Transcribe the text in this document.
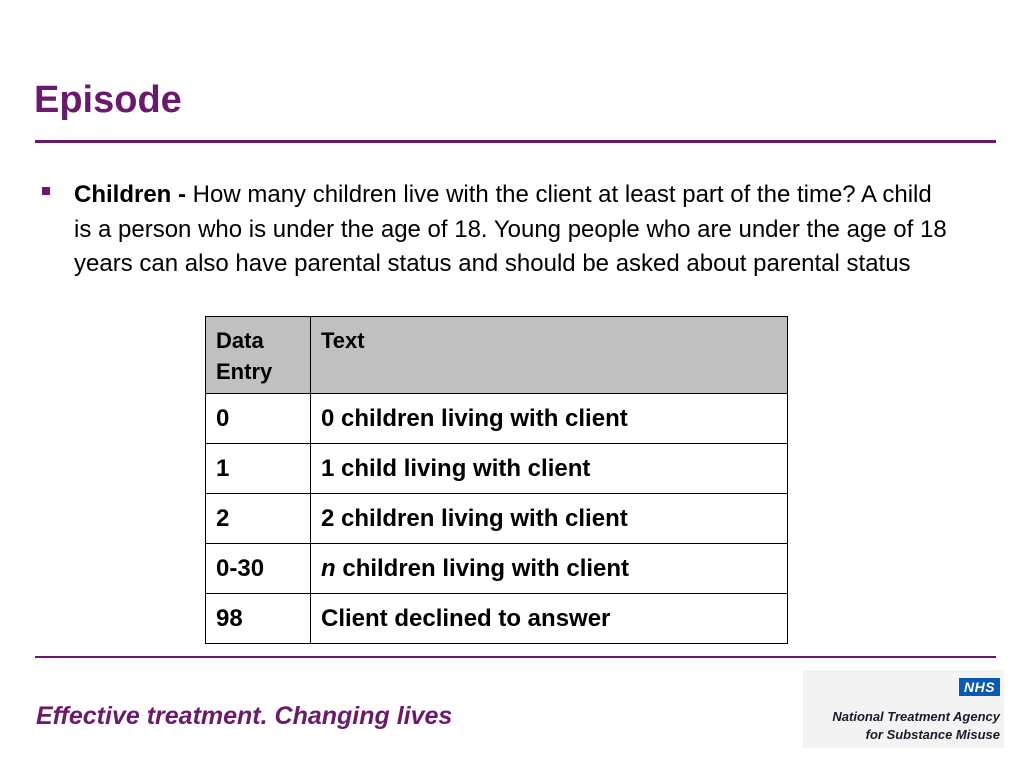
Episode
Children - How many children live with the client at least part of the time? A child is a person who is under the age of 18. Young people who are under the age of 18 years can also have parental status and should be asked about parental status
Data Entry	Text
0	0 children living with client
1	1 child living with client
2	2 children living with client
0-30	n children living with client
98	Client declined to answer
Effective treatment. Changing lives
NHS
National Treatment Agency
for Substance Misuse
